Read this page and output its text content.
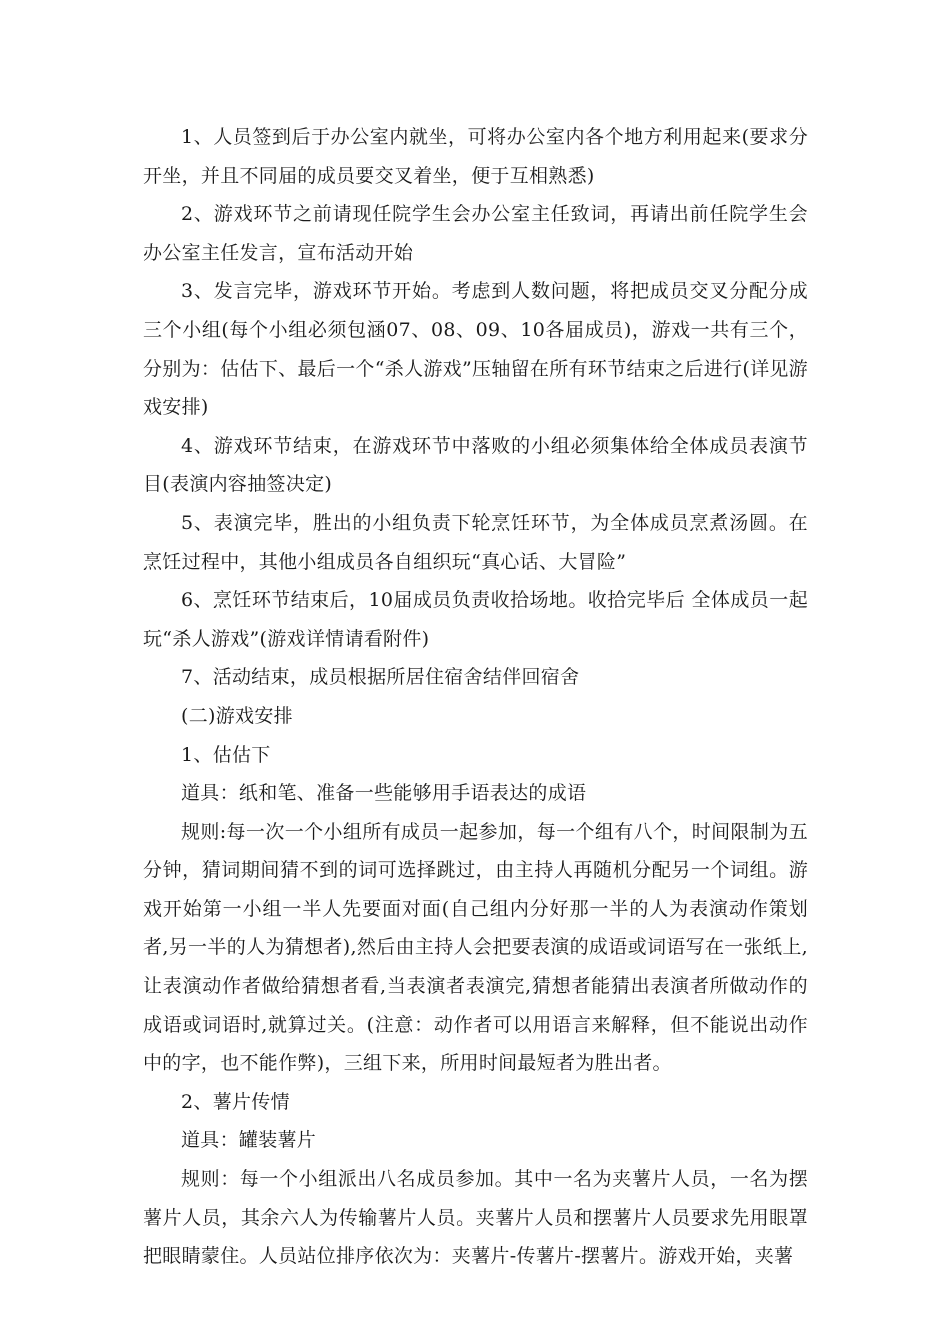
1、人员签到后于办公室内就坐，可将办公室内各个地方利用起来(要求分开坐，并且不同届的成员要交叉着坐，便于互相熟悉)

2、游戏环节之前请现任院学生会办公室主任致词，再请出前任院学生会办公室主任发言，宣布活动开始

3、发言完毕，游戏环节开始。考虑到人数问题，将把成员交叉分配分成三个小组(每个小组必须包涵07、08、09、10各届成员)，游戏一共有三个，分别为：估估下、最后一个“杀人游戏”压轴留在所有环节结束之后进行(详见游戏安排)

4、游戏环节结束，在游戏环节中落败的小组必须集体给全体成员表演节目(表演内容抽签决定)

5、表演完毕，胜出的小组负责下轮烹饪环节，为全体成员烹煮汤圆。在烹饪过程中，其他小组成员各自组织玩“真心话、大冒险”

6、烹饪环节结束后，10届成员负责收拾场地。收拾完毕后 全体成员一起玩“杀人游戏”(游戏详情请看附件)

7、活动结束，成员根据所居住宿舍结伴回宿舍

(二)游戏安排

1、估估下

道具：纸和笔、准备一些能够用手语表达的成语

规则:每一次一个小组所有成员一起参加，每一个组有八个，时间限制为五分钟，猜词期间猜不到的词可选择跳过，由主持人再随机分配另一个词组。游戏开始第一小组一半人先要面对面(自己组内分好那一半的人为表演动作策划者,另一半的人为猜想者),然后由主持人会把要表演的成语或词语写在一张纸上,让表演动作者做给猜想者看,当表演者表演完,猜想者能猜出表演者所做动作的成语或词语时,就算过关。(注意：动作者可以用语言来解释，但不能说出动作中的字，也不能作弊)，三组下来，所用时间最短者为胜出者。

2、薯片传情

道具：罐装薯片

规则：每一个小组派出八名成员参加。其中一名为夹薯片人员，一名为摆薯片人员，其余六人为传输薯片人员。夹薯片人员和摆薯片人员要求先用眼罩把眼睛蒙住。人员站位排序依次为：夹薯片-传薯片-摆薯片。游戏开始，夹薯
